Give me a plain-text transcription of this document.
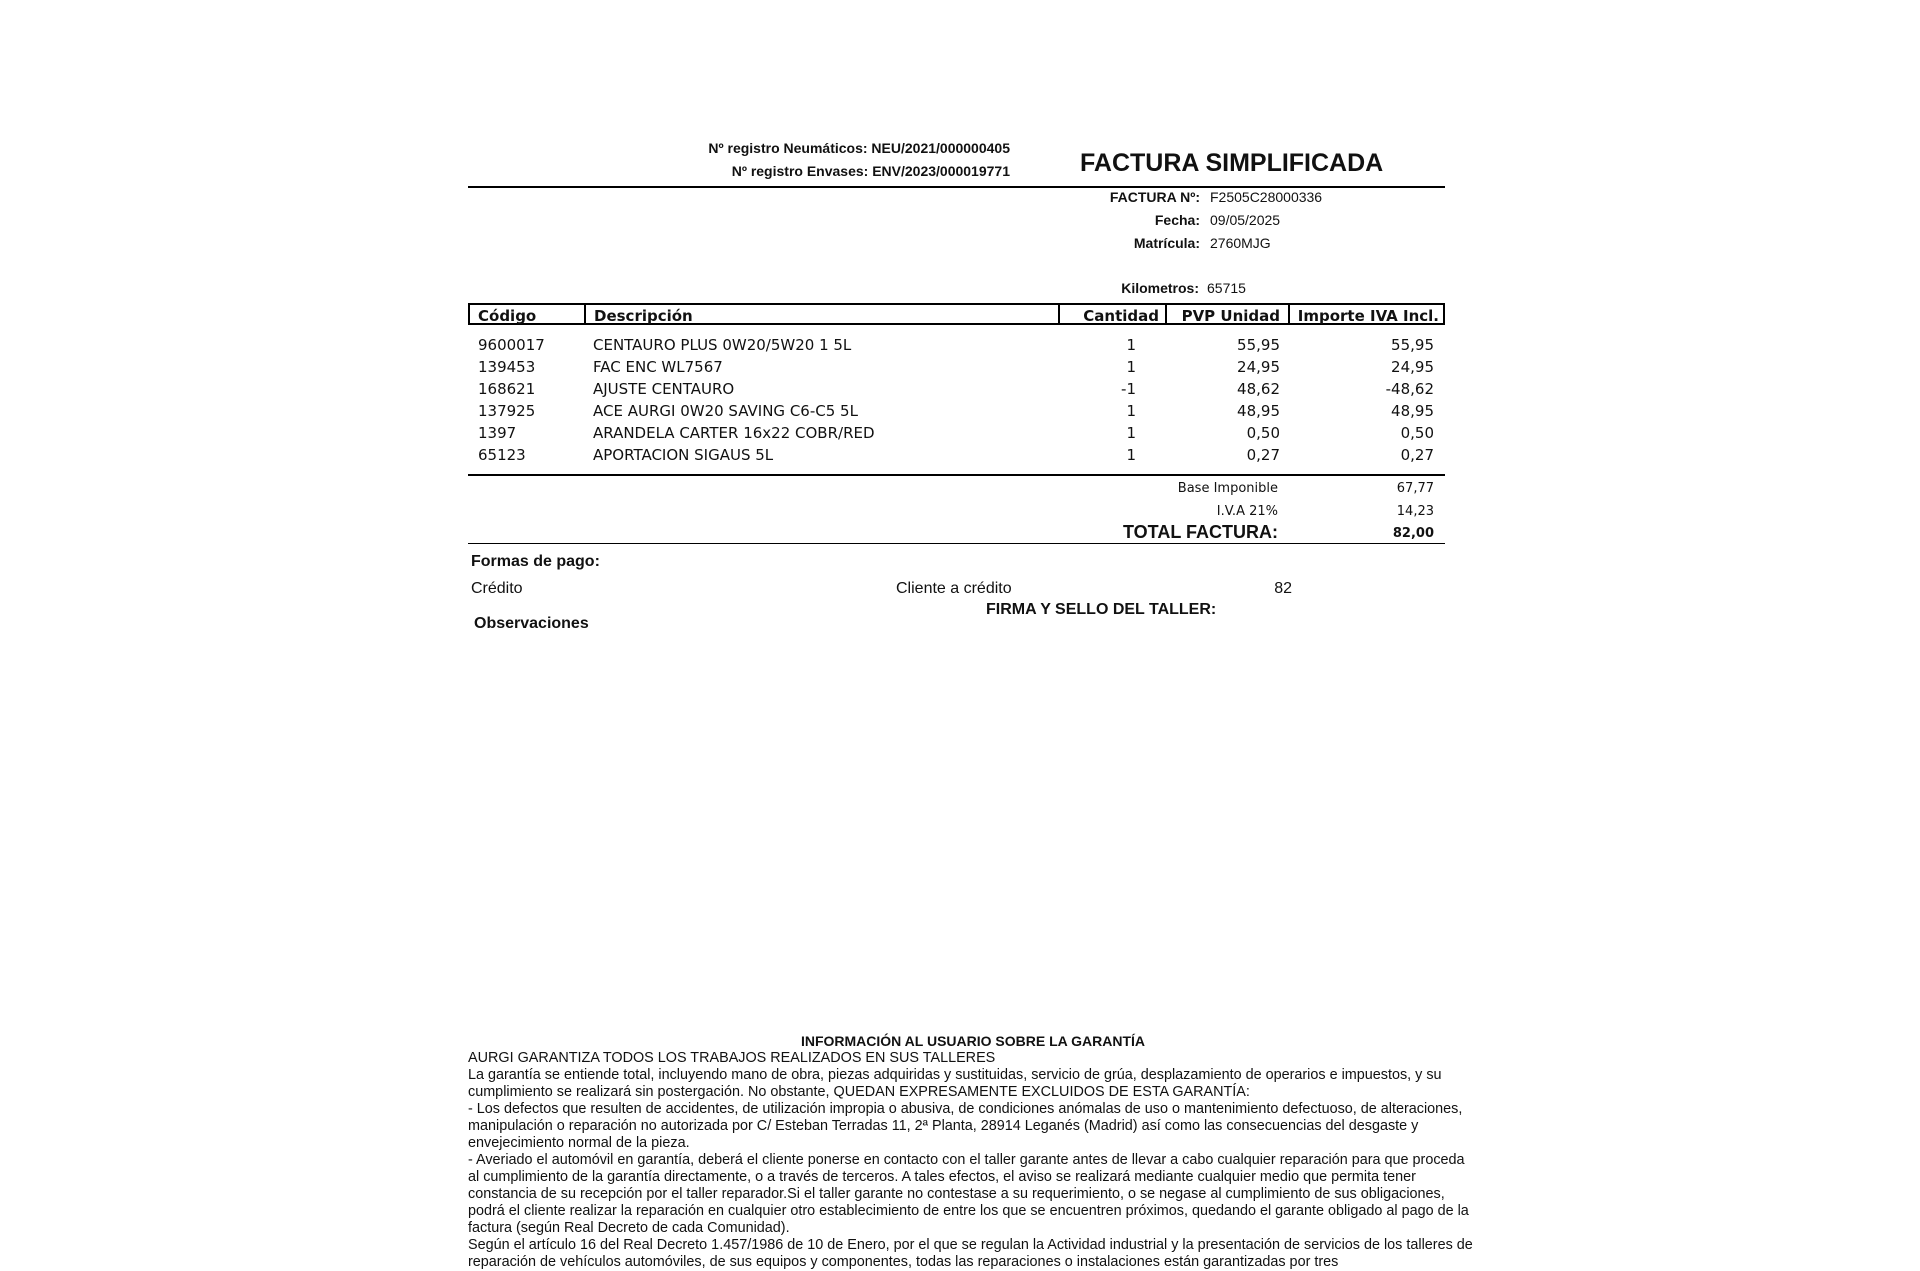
Nº registro Neumáticos: NEU/2021/000000405
Nº registro Envases: ENV/2023/000019771	FACTURA SIMPLIFICADA
FACTURA Nº: F2505C28000336
Fecha: 09/05/2025
Matrícula: 2760MJG
Kilometros: 65715
Código	Descripción	Cantidad	PVP Unidad	Importe IVA Incl.
9600017	CENTAURO PLUS 0W20/5W20 1 5L	1	55,95	55,95
139453	FAC ENC WL7567	1	24,95	24,95
168621	AJUSTE CENTAURO	-1	48,62	-48,62
137925	ACE AURGI 0W20 SAVING C6-C5 5L	1	48,95	48,95
1397	ARANDELA CARTER 16x22 COBR/RED	1	0,50	0,50
65123	APORTACION SIGAUS 5L	1	0,27	0,27
Base Imponible	67,77
I.V.A 21%	14,23
TOTAL FACTURA:	82,00
Formas de pago:
Crédito	Cliente a crédito	82
FIRMA Y SELLO DEL TALLER:
Observaciones
INFORMACIÓN AL USUARIO SOBRE LA GARANTÍA
AURGI GARANTIZA TODOS LOS TRABAJOS REALIZADOS EN SUS TALLERES
La garantía se entiende total, incluyendo mano de obra, piezas adquiridas y sustituidas, servicio de grúa, desplazamiento de operarios e impuestos, y su cumplimiento se realizará sin postergación. No obstante, QUEDAN EXPRESAMENTE EXCLUIDOS DE ESTA GARANTÍA:
- Los defectos que resulten de accidentes, de utilización impropia o abusiva, de condiciones anómalas de uso o mantenimiento defectuoso, de alteraciones, manipulación o reparación no autorizada por C/ Esteban Terradas 11, 2ª Planta, 28914 Leganés (Madrid) así como las consecuencias del desgaste y envejecimiento normal de la pieza.
- Averiado el automóvil en garantía, deberá el cliente ponerse en contacto con el taller garante antes de llevar a cabo cualquier reparación para que proceda al cumplimiento de la garantía directamente, o a través de terceros. A tales efectos, el aviso se realizará mediante cualquier medio que permita tener constancia de su recepción por el taller reparador.Si el taller garante no contestase a su requerimiento, o se negase al cumplimiento de sus obligaciones, podrá el cliente realizar la reparación en cualquier otro establecimiento de entre los que se encuentren próximos, quedando el garante obligado al pago de la factura (según Real Decreto de cada Comunidad).
Según el artículo 16 del Real Decreto 1.457/1986 de 10 de Enero, por el que se regulan la Actividad industrial y la presentación de servicios de los talleres de reparación de vehículos automóviles, de sus equipos y componentes, todas las reparaciones o instalaciones están garantizadas por tres
